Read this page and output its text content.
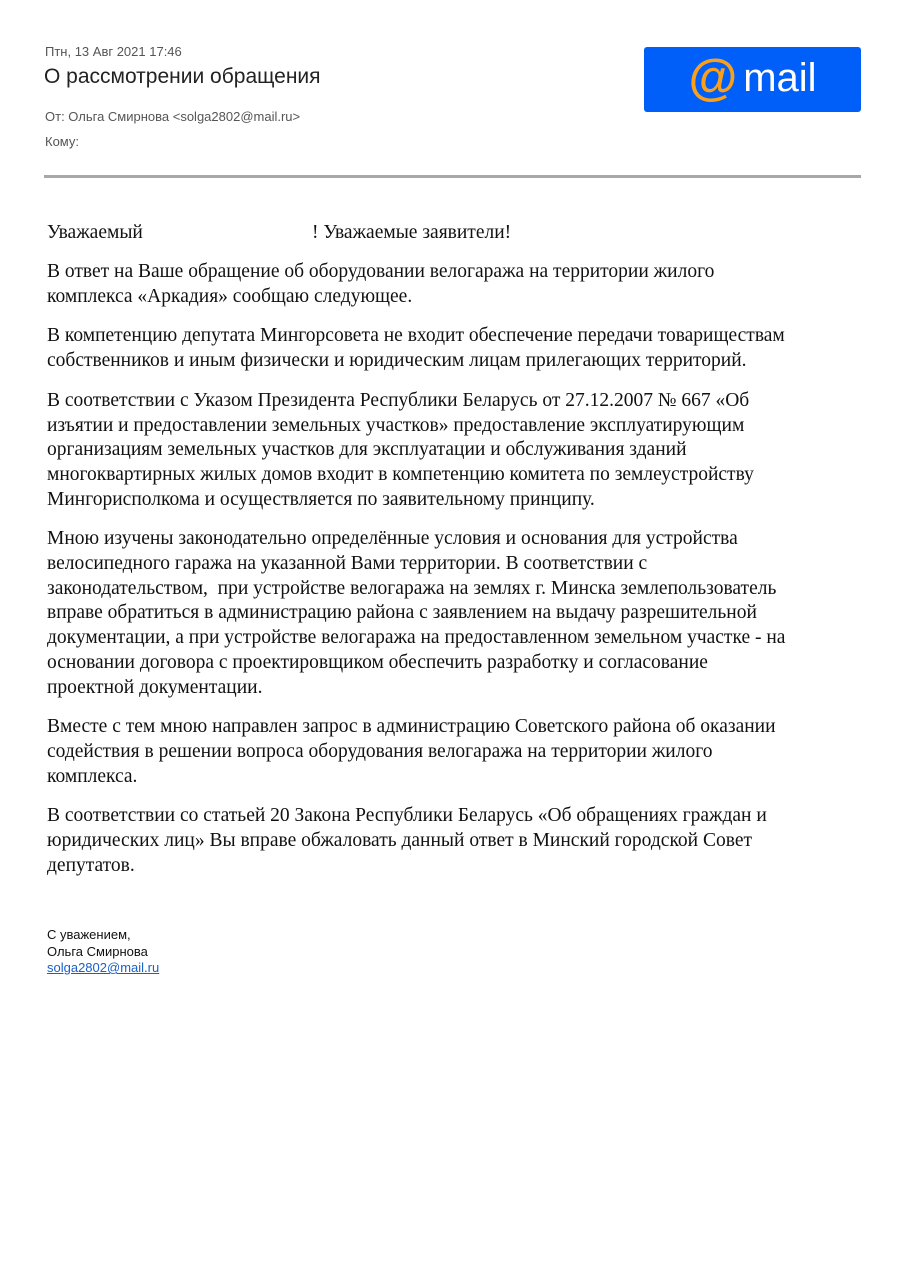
Птн, 13 Авг 2021 17:46
О рассмотрении обращения
От: Ольга Смирнова <solga2802@mail.ru>
Кому:
@ mail
Уважаемый	! Уважаемые заявители!
В ответ на Ваше обращение об оборудовании велогаража на территории жилого
комплекса «Аркадия» сообщаю следующее.
В компетенцию депутата Мингорсовета не входит обеспечение передачи товариществам
собственников и иным физически и юридическим лицам прилегающих территорий.
В соответствии с Указом Президента Республики Беларусь от 27.12.2007 № 667 «Об
изъятии и предоставлении земельных участков» предоставление эксплуатирующим
организациям земельных участков для эксплуатации и обслуживания зданий
многоквартирных жилых домов входит в компетенцию комитета по землеустройству
Мингорисполкома и осуществляется по заявительному принципу.
Мною изучены законодательно определённые условия и основания для устройства
велосипедного гаража на указанной Вами территории. В соответствии с
законодательством,  при устройстве велогаража на землях г. Минска землепользователь
вправе обратиться в администрацию района с заявлением на выдачу разрешительной
документации, а при устройстве велогаража на предоставленном земельном участке - на
основании договора с проектировщиком обеспечить разработку и согласование
проектной документации.
Вместе с тем мною направлен запрос в администрацию Советского района об оказании
содействия в решении вопроса оборудования велогаража на территории жилого
комплекса.
В соответствии со статьей 20 Закона Республики Беларусь «Об обращениях граждан и
юридических лиц» Вы вправе обжаловать данный ответ в Минский городской Совет
депутатов.
С уважением,
Ольга Смирнова
solga2802@mail.ru
